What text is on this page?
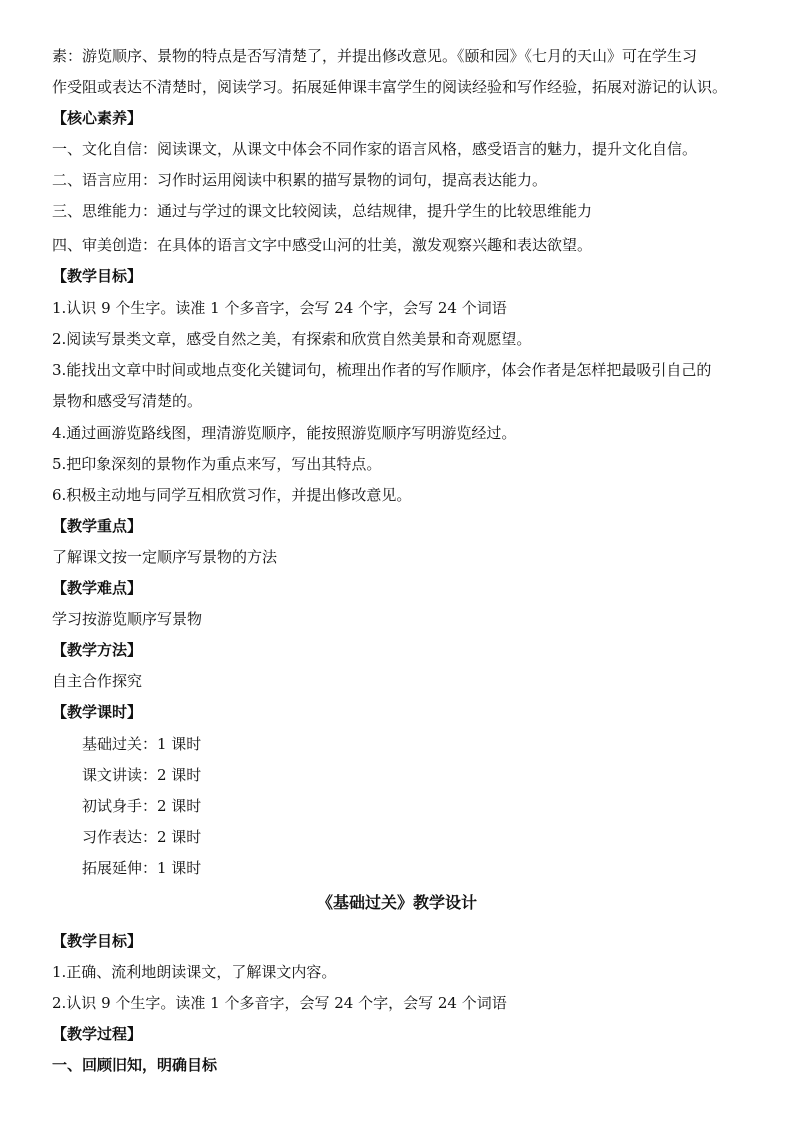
素：游览顺序、景物的特点是否写清楚了，并提出修改意见。《颐和园》《七月的天山》可在学生习
作受阻或表达不清楚时，阅读学习。拓展延伸课丰富学生的阅读经验和写作经验，拓展对游记的认识。
【核心素养】
一、文化自信：阅读课文，从课文中体会不同作家的语言风格，感受语言的魅力，提升文化自信。
二、语言应用：习作时运用阅读中积累的描写景物的词句，提高表达能力。
三、思维能力：通过与学过的课文比较阅读，总结规律，提升学生的比较思维能力
四、审美创造：在具体的语言文字中感受山河的壮美，激发观察兴趣和表达欲望。
【教学目标】
1.认识 9 个生字。读准 1 个多音字，会写 24 个字，会写 24 个词语
2.阅读写景类文章，感受自然之美，有探索和欣赏自然美景和奇观愿望。
3.能找出文章中时间或地点变化关键词句，梳理出作者的写作顺序，体会作者是怎样把最吸引自己的
景物和感受写清楚的。
4.通过画游览路线图，理清游览顺序，能按照游览顺序写明游览经过。
5.把印象深刻的景物作为重点来写，写出其特点。
6.积极主动地与同学互相欣赏习作，并提出修改意见。
【教学重点】
了解课文按一定顺序写景物的方法
【教学难点】
学习按游览顺序写景物
【教学方法】
自主合作探究
【教学课时】
基础过关：1 课时
课文讲读：2 课时
初试身手：2 课时
习作表达：2 课时
拓展延伸：1 课时
《基础过关》教学设计
【教学目标】
1.正确、流利地朗读课文，了解课文内容。
2.认识 9 个生字。读准 1 个多音字，会写 24 个字，会写 24 个词语
【教学过程】
一、回顾旧知，明确目标
